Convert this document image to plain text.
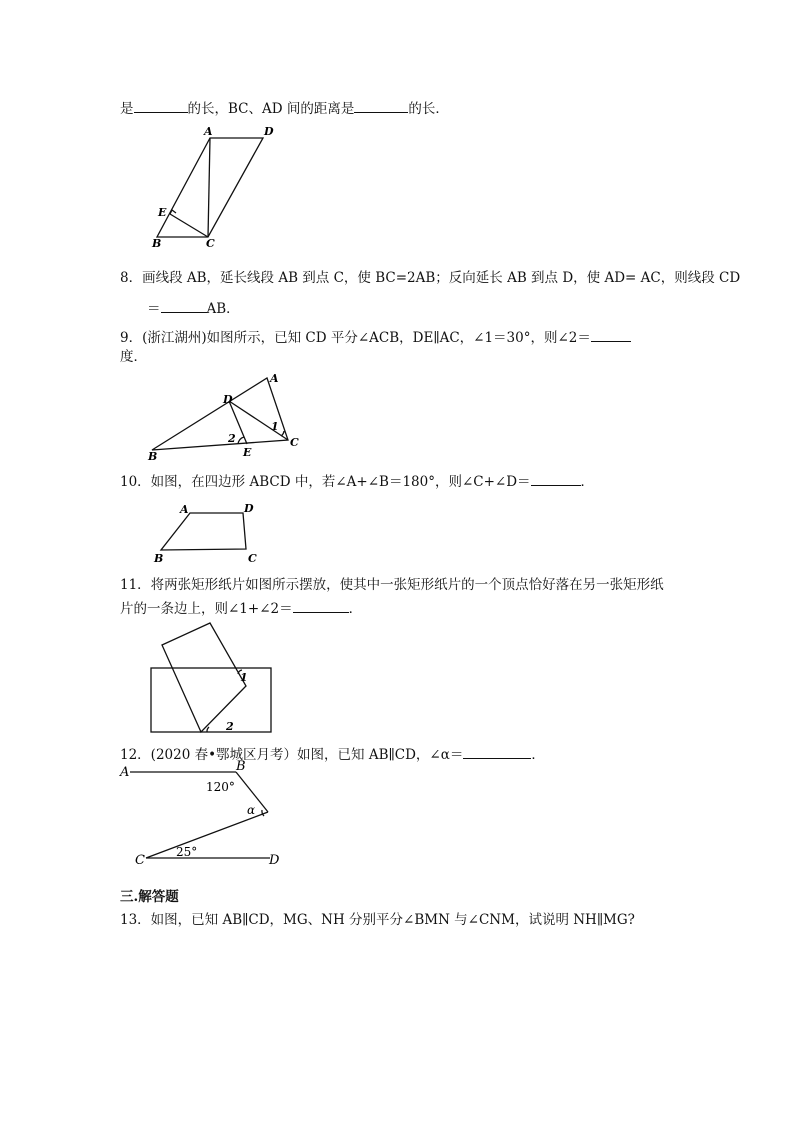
是	的长，BC、AD 间的距离是	的长．
A	D
E
B	C
8．画线段 AB，延长线段 AB 到点 C，使 BC=2AB；反向延长 AB 到点 D，使 AD= AC，则线段 CD
＝	AB．
9．(浙江湖州)如图所示，已知 CD 平分∠ACB，DE∥AC，∠1＝30°，则∠2＝
度．
A
D
B	E
C
1
2
10．如图，在四边形 ABCD 中，若∠A+∠B＝180°，则∠C+∠D＝	．
A	D
B	C
11．将两张矩形纸片如图所示摆放，使其中一张矩形纸片的一个顶点恰好落在另一张矩形纸
片的一条边上，则∠1+∠2＝	．
1
2
12．(2020 春•鄂城区月考）如图，已知 AB∥CD，∠α＝	．
A	B
120°
α
C
25°
D
三.解答题
13．如图，已知 AB∥CD，MG、NH 分别平分∠BMN 与∠CNM，试说明 NH∥MG?
